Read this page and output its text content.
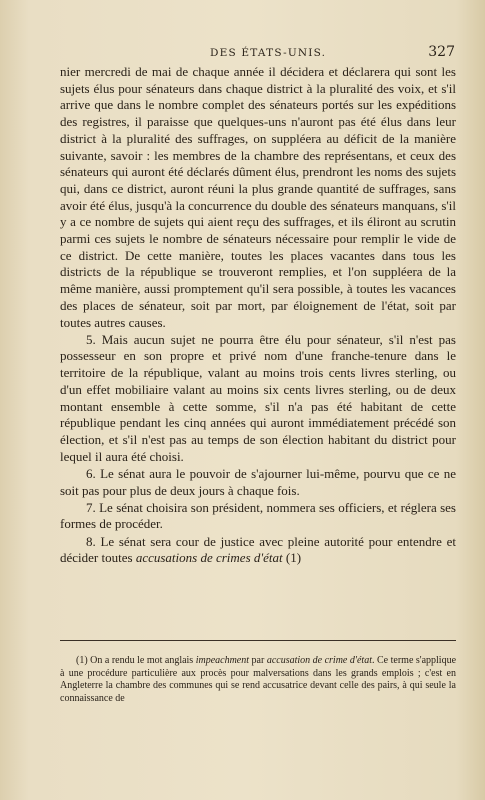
DES ÉTATS-UNIS.	327

nier mercredi de mai de chaque année il décidera et déclarera qui sont les sujets élus pour sénateurs dans chaque district à la pluralité des voix, et s'il arrive que dans le nombre complet des sénateurs portés sur les expéditions des registres, il paraisse que quelques-uns n'auront pas été élus dans leur district à la pluralité des suffrages, on suppléera au déficit de la manière suivante, savoir : les membres de la chambre des représentans, et ceux des sénateurs qui auront été déclarés dûment élus, prendront les noms des sujets qui, dans ce district, auront réuni la plus grande quantité de suffrages, sans avoir été élus, jusqu'à la concurrence du double des sénateurs manquans, s'il y a ce nombre de sujets qui aient reçu des suffrages, et ils éliront au scrutin parmi ces sujets le nombre de sénateurs nécessaire pour remplir le vide de ce district. De cette manière, toutes les places vacantes dans tous les districts de la république se trouveront remplies, et l'on suppléera de la même manière, aussi promptement qu'il sera possible, à toutes les vacances des places de sénateur, soit par mort, par éloignement de l'état, soit par toutes autres causes.

5. Mais aucun sujet ne pourra être élu pour sénateur, s'il n'est pas possesseur en son propre et privé nom d'une franche-tenure dans le territoire de la république, valant au moins trois cents livres sterling, ou d'un effet mobiliaire valant au moins six cents livres sterling, ou de deux montant ensemble à cette somme, s'il n'a pas été habitant de cette république pendant les cinq années qui auront immédiatement précédé son élection, et s'il n'est pas au temps de son élection habitant du district pour lequel il aura été choisi.

6. Le sénat aura le pouvoir de s'ajourner lui-même, pourvu que ce ne soit pas pour plus de deux jours à chaque fois.

7. Le sénat choisira son président, nommera ses officiers, et réglera ses formes de procéder.

8. Le sénat sera cour de justice avec pleine autorité pour entendre et décider toutes accusations de crimes d'état (1)

(1) On a rendu le mot anglais impeachment par accusation de crime d'état. Ce terme s'applique à une procédure particulière aux procès pour malversations dans les grands emplois ; c'est en Angleterre la chambre des communes qui se rend accusatrice devant celle des pairs, à qui seule la connaissance de
